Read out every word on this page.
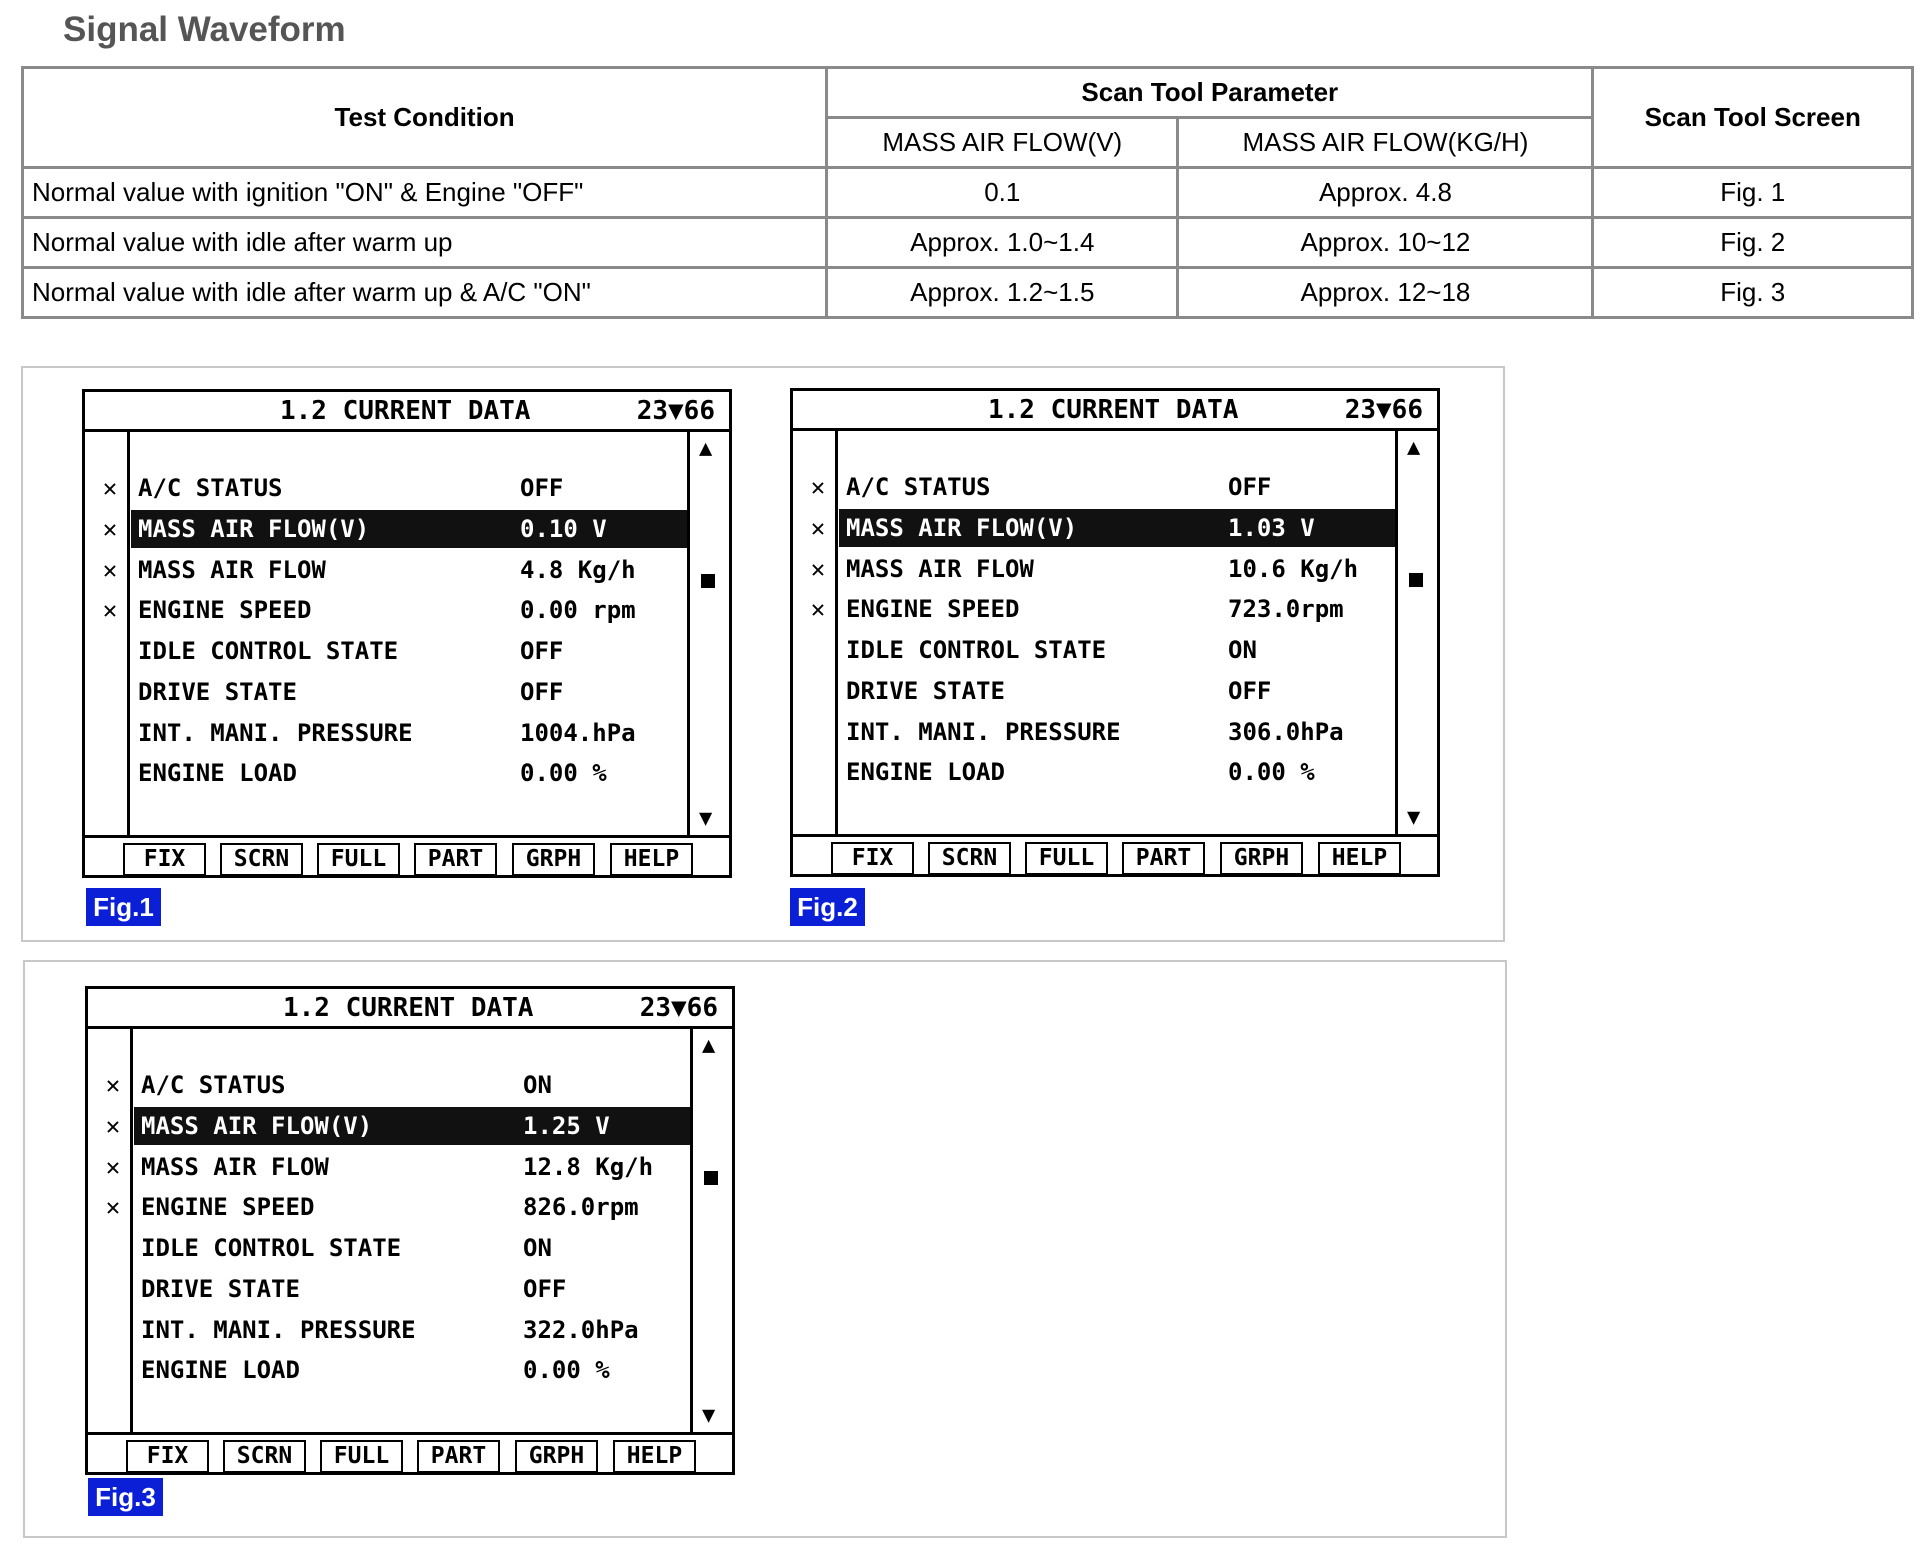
Signal Waveform
Test Condition	Scan Tool Parameter		Scan Tool Screen
	MASS AIR FLOW(V)	MASS AIR FLOW(KG/H)	
Normal value with ignition "ON" & Engine "OFF"	0.1	Approx. 4.8	Fig. 1
Normal value with idle after warm up	Approx. 1.0~1.4	Approx. 10~12	Fig. 2
Normal value with idle after warm up & A/C "ON"	Approx. 1.2~1.5	Approx. 12~18	Fig. 3
1.2 CURRENT DATA	23▼66
▲
▼
✕ A/C STATUS	OFF
✕ MASS AIR FLOW(V)	0.10 V
✕ MASS AIR FLOW	4.8 Kg/h
✕ ENGINE SPEED	0.00 rpm
IDLE CONTROL STATE	OFF
DRIVE STATE	OFF
INT. MANI. PRESSURE	1004.hPa
ENGINE LOAD	0.00 %
FIX	SCRN	FULL	PART	GRPH	HELP
Fig.1
1.2 CURRENT DATA	23▼66
▲
▼
✕ A/C STATUS	OFF
✕ MASS AIR FLOW(V)	1.03 V
✕ MASS AIR FLOW	10.6 Kg/h
✕ ENGINE SPEED	723.0rpm
IDLE CONTROL STATE	ON
DRIVE STATE	OFF
INT. MANI. PRESSURE	306.0hPa
ENGINE LOAD	0.00 %
FIX	SCRN	FULL	PART	GRPH	HELP
Fig.2
1.2 CURRENT DATA	23▼66
▲
▼
✕ A/C STATUS	ON
✕ MASS AIR FLOW(V)	1.25 V
✕ MASS AIR FLOW	12.8 Kg/h
✕ ENGINE SPEED	826.0rpm
IDLE CONTROL STATE	ON
DRIVE STATE	OFF
INT. MANI. PRESSURE	322.0hPa
ENGINE LOAD	0.00 %
FIX	SCRN	FULL	PART	GRPH	HELP
Fig.3
